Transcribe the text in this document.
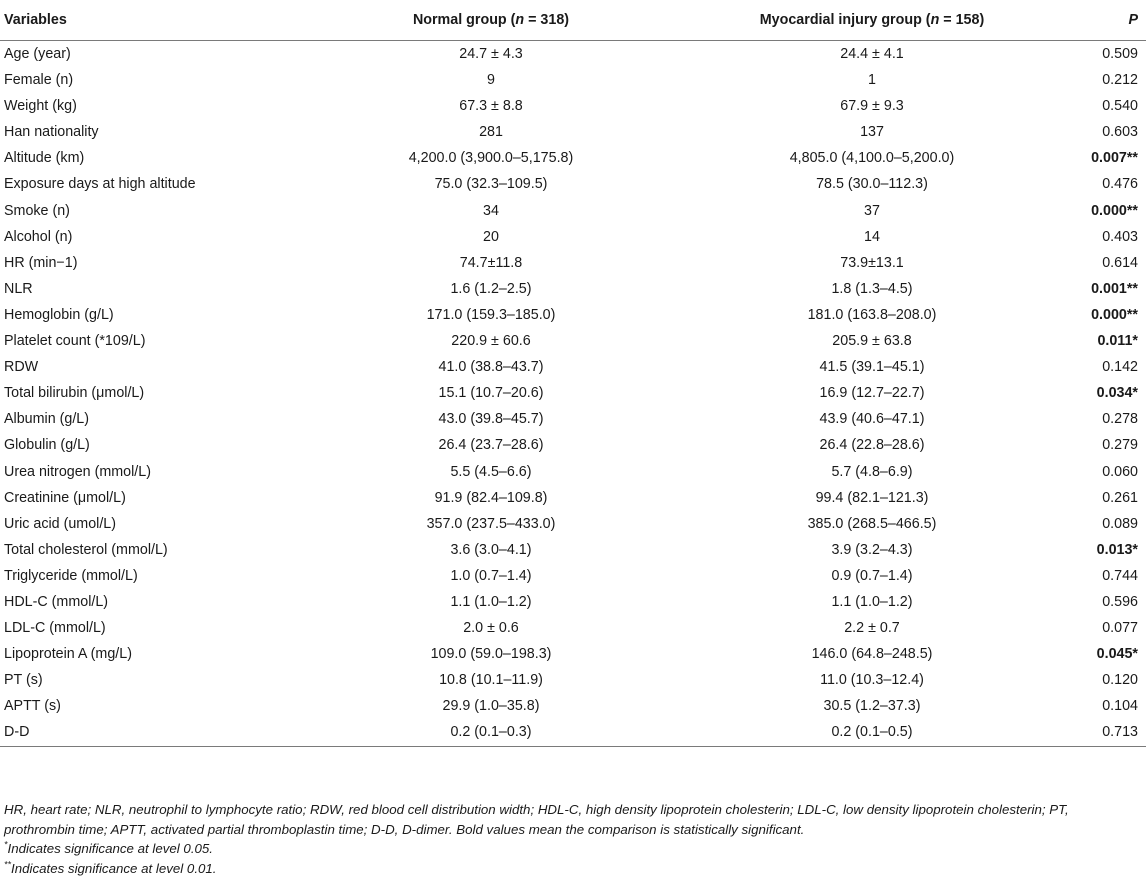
Variables	Normal group (n = 318)	Myocardial injury group (n = 158)	P
Age (year)	24.7 ± 4.3	24.4 ± 4.1	0.509
Female (n)	9	1	0.212
Weight (kg)	67.3 ± 8.8	67.9 ± 9.3	0.540
Han nationality	281	137	0.603
Altitude (km)	4,200.0 (3,900.0–5,175.8)	4,805.0 (4,100.0–5,200.0)	0.007**
Exposure days at high altitude	75.0 (32.3–109.5)	78.5 (30.0–112.3)	0.476
Smoke (n)	34	37	0.000**
Alcohol (n)	20	14	0.403
HR (min−1)	74.7±11.8	73.9±13.1	0.614
NLR	1.6 (1.2–2.5)	1.8 (1.3–4.5)	0.001**
Hemoglobin (g/L)	171.0 (159.3–185.0)	181.0 (163.8–208.0)	0.000**
Platelet count (*109/L)	220.9 ± 60.6	205.9 ± 63.8	0.011*
RDW	41.0 (38.8–43.7)	41.5 (39.1–45.1)	0.142
Total bilirubin (μmol/L)	15.1 (10.7–20.6)	16.9 (12.7–22.7)	0.034*
Albumin (g/L)	43.0 (39.8–45.7)	43.9 (40.6–47.1)	0.278
Globulin (g/L)	26.4 (23.7–28.6)	26.4 (22.8–28.6)	0.279
Urea nitrogen (mmol/L)	5.5 (4.5–6.6)	5.7 (4.8–6.9)	0.060
Creatinine (μmol/L)	91.9 (82.4–109.8)	99.4 (82.1–121.3)	0.261
Uric acid (umol/L)	357.0 (237.5–433.0)	385.0 (268.5–466.5)	0.089
Total cholesterol (mmol/L)	3.6 (3.0–4.1)	3.9 (3.2–4.3)	0.013*
Triglyceride (mmol/L)	1.0 (0.7–1.4)	0.9 (0.7–1.4)	0.744
HDL-C (mmol/L)	1.1 (1.0–1.2)	1.1 (1.0–1.2)	0.596
LDL-C (mmol/L)	2.0 ± 0.6	2.2 ± 0.7	0.077
Lipoprotein A (mg/L)	109.0 (59.0–198.3)	146.0 (64.8–248.5)	0.045*
PT (s)	10.8 (10.1–11.9)	11.0 (10.3–12.4)	0.120
APTT (s)	29.9 (1.0–35.8)	30.5 (1.2–37.3)	0.104
D-D	0.2 (0.1–0.3)	0.2 (0.1–0.5)	0.713
HR, heart rate; NLR, neutrophil to lymphocyte ratio; RDW, red blood cell distribution width; HDL-C, high density lipoprotein cholesterin; LDL-C, low density lipoprotein cholesterin; PT, prothrombin time; APTT, activated partial thromboplastin time; D-D, D-dimer. Bold values mean the comparison is statistically significant.
*Indicates significance at level 0.05.
**Indicates significance at level 0.01.
